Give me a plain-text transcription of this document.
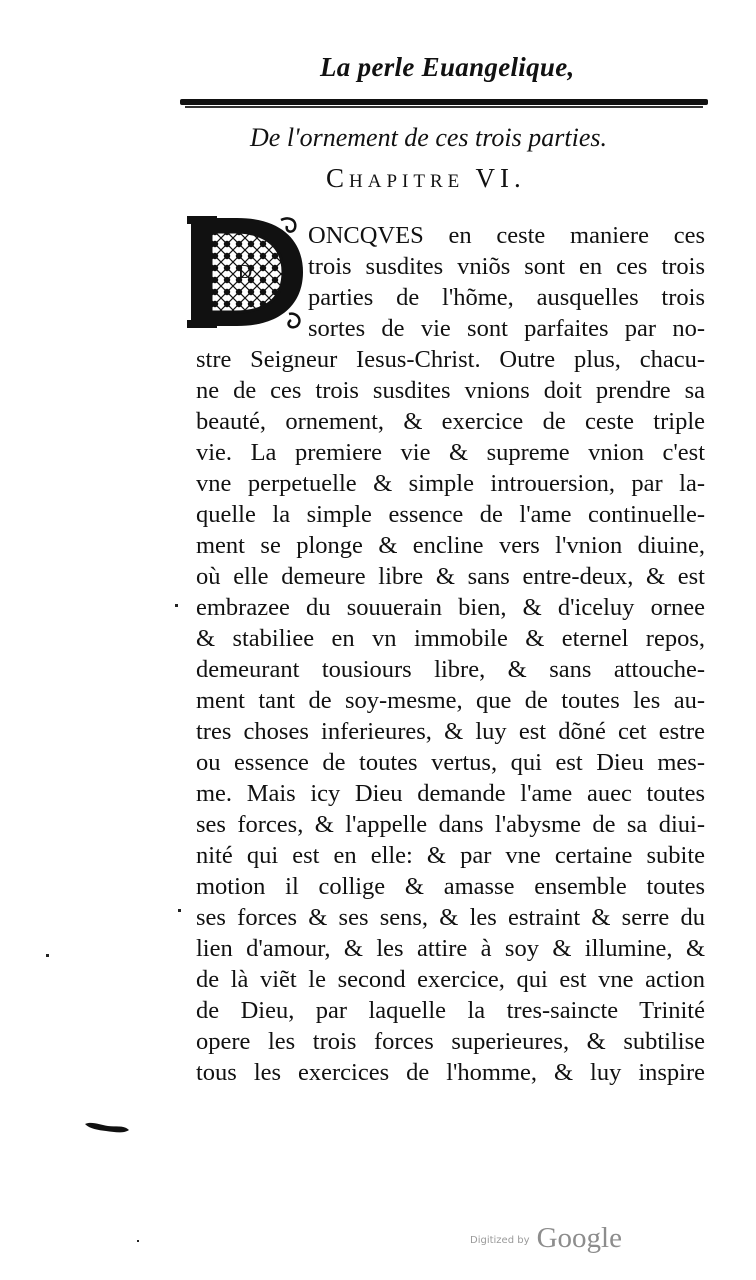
La perle Euangelique,
De l'ornement de ces trois parties.
Chapitre VI.
D
ONCQVES en ceste maniere ces
trois susdites vniõs sont en ces trois
parties de l'hõme, ausquelles trois
sortes de vie sont parfaites par no-
stre Seigneur Iesus-Christ. Outre plus, chacu-
ne de ces trois susdites vnions doit prendre sa
beauté, ornement, & exercice de ceste triple
vie. La premiere vie & supreme vnion c'est
vne perpetuelle & simple introuersion, par la-
quelle la simple essence de l'ame continuelle-
ment se plonge & encline vers l'vnion diuine,
où elle demeure libre & sans entre-deux, & est
embrazee du souuerain bien, & d'iceluy ornee
& stabiliee en vn immobile & eternel repos,
demeurant tousiours libre, & sans attouche-
ment tant de soy-mesme, que de toutes les au-
tres choses inferieures, & luy est dõné cet estre
ou essence de toutes vertus, qui est Dieu mes-
me. Mais icy Dieu demande l'ame auec toutes
ses forces, & l'appelle dans l'abysme de sa diui-
nité qui est en elle: & par vne certaine subite
motion il collige & amasse ensemble toutes
ses forces & ses sens, & les estraint & serre du
lien d'amour, & les attire à soy & illumine, &
de là viẽt le second exercice, qui est vne action
de Dieu, par laquelle la tres-saincte Trinité
opere les trois forces superieures, & subtilise
tous les exercices de l'homme, & luy inspire
$^{Digitized by}$ Google
